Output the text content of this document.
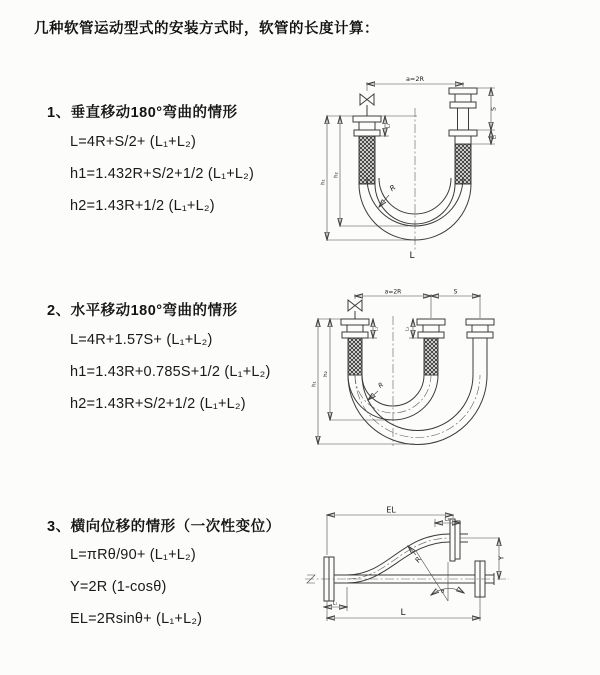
几种软管运动型式的安装方式时，软管的长度计算：
1、垂直移动180°弯曲的情形
L=4R+S/2+ (L₁+L₂)
h1=1.432R+S/2+1/2 (L₁+L₂)
h2=1.43R+1/2 (L₁+L₂)
a=2R
h₁
h₂
L₁
S
L₂
R
L
2、水平移动180°弯曲的情形
L=4R+1.57S+ (L₁+L₂)
h1=1.43R+0.785S+1/2 (L₁+L₂)
h2=1.43R+S/2+1/2 (L₁+L₂)
a=2R	S
h₁
h₂
L₁	L₂
R
3、横向位移的情形（一次性变位）
L=πRθ/90+ (L₁+L₂)
Y=2R (1-cosθ)
EL=2Rsinθ+ (L₁+L₂)
θ
EL
L₂
Y
L
L₁
R
